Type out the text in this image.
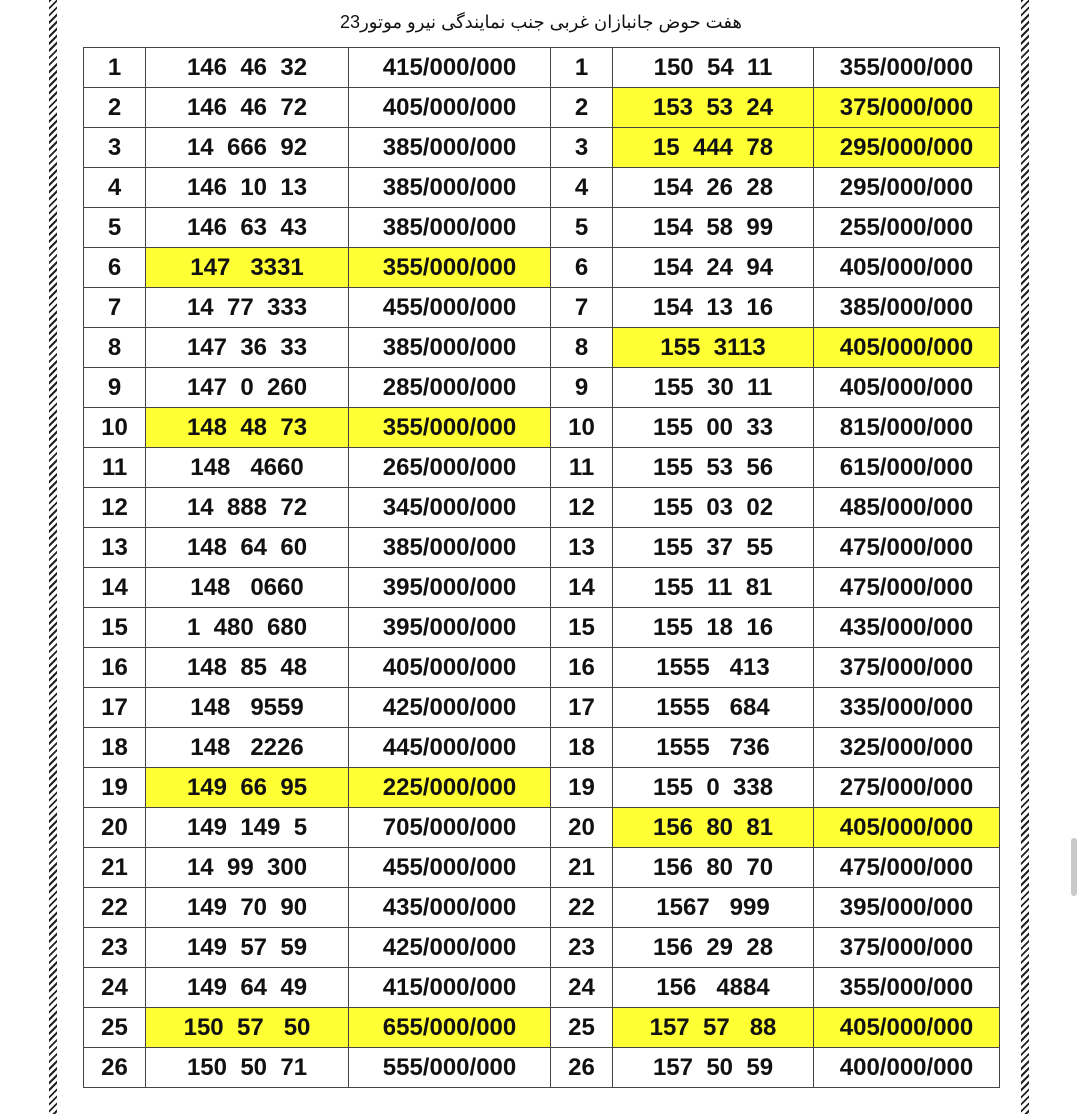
هفت حوض جانبازان غربی جنب نمایندگی نیرو موتور23
1	146  46  32	415/000/000	1	150  54  11	355/000/000
2	146  46  72	405/000/000	2	153  53  24	375/000/000
3	14  666  92	385/000/000	3	15  444  78	295/000/000
4	146  10  13	385/000/000	4	154  26  28	295/000/000
5	146  63  43	385/000/000	5	154  58  99	255/000/000
6	147   3331	355/000/000	6	154  24  94	405/000/000
7	14  77  333	455/000/000	7	154  13  16	385/000/000
8	147  36  33	385/000/000	8	155  3113	405/000/000
9	147  0  260	285/000/000	9	155  30  11	405/000/000
10	148  48  73	355/000/000	10	155  00  33	815/000/000
11	148   4660	265/000/000	11	155  53  56	615/000/000
12	14  888  72	345/000/000	12	155  03  02	485/000/000
13	148  64  60	385/000/000	13	155  37  55	475/000/000
14	148   0660	395/000/000	14	155  11  81	475/000/000
15	1  480  680	395/000/000	15	155  18  16	435/000/000
16	148  85  48	405/000/000	16	1555   413	375/000/000
17	148   9559	425/000/000	17	1555   684	335/000/000
18	148   2226	445/000/000	18	1555   736	325/000/000
19	149  66  95	225/000/000	19	155  0  338	275/000/000
20	149  149  5	705/000/000	20	156  80  81	405/000/000
21	14  99  300	455/000/000	21	156  80  70	475/000/000
22	149  70  90	435/000/000	22	1567   999	395/000/000
23	149  57  59	425/000/000	23	156  29  28	375/000/000
24	149  64  49	415/000/000	24	156   4884	355/000/000
25	150  57   50	655/000/000	25	157  57   88	405/000/000
26	150  50  71	555/000/000	26	157  50  59	400/000/000
